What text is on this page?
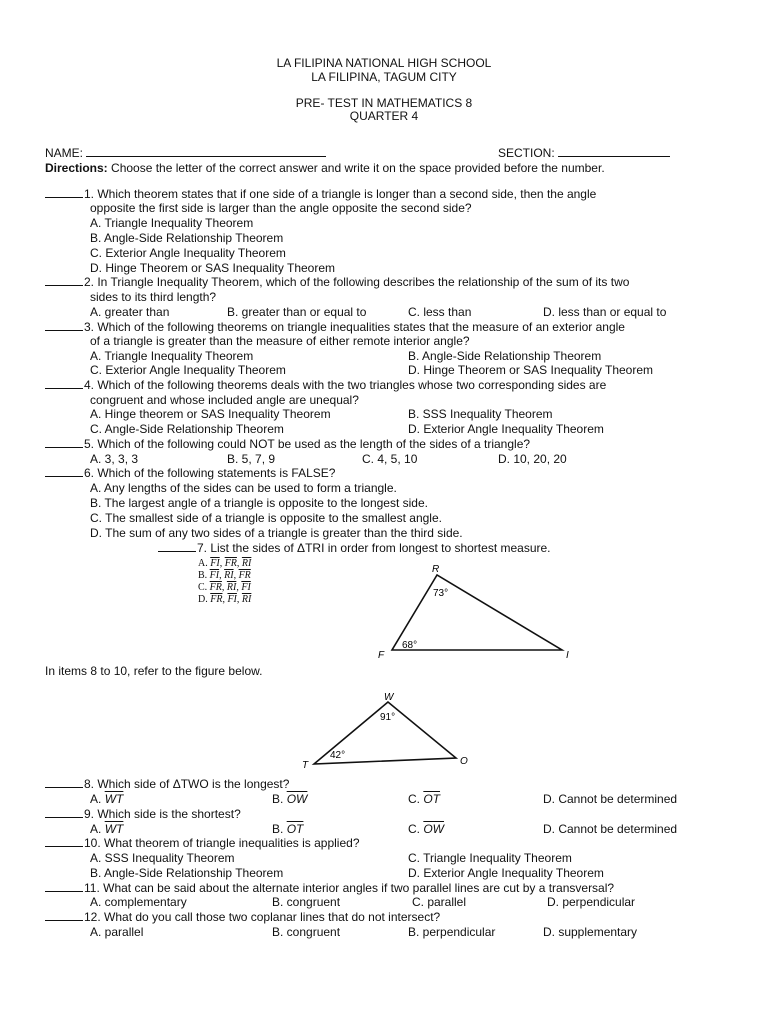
LA FILIPINA NATIONAL HIGH SCHOOL
LA FILIPINA, TAGUM CITY
PRE- TEST IN MATHEMATICS 8
QUARTER 4
NAME:	SECTION:
Directions: Choose the letter of the correct answer and write it on the space provided before the number.
1. Which theorem states that if one side of a triangle is longer than a second side, then the angle
opposite the first side is larger than the angle opposite the second side?
A. Triangle Inequality Theorem
B. Angle-Side Relationship Theorem
C. Exterior Angle Inequality Theorem
D. Hinge Theorem or SAS Inequality Theorem
2. In Triangle Inequality Theorem, which of the following describes the relationship of the sum of its two
sides to its third length?
A. greater than	B. greater than or equal to	C. less than	D. less than or equal to
3. Which of the following theorems on triangle inequalities states that the measure of an exterior angle
of a triangle is greater than the measure of either remote interior angle?
A. Triangle Inequality Theorem	B. Angle-Side Relationship Theorem
C. Exterior Angle Inequality Theorem	D. Hinge Theorem or SAS Inequality Theorem
4. Which of the following theorems deals with the two triangles whose two corresponding sides are
congruent and whose included angle are unequal?
A. Hinge theorem or SAS Inequality Theorem	B. SSS Inequality Theorem
C. Angle-Side Relationship Theorem	D. Exterior Angle Inequality Theorem
5. Which of the following could NOT be used as the length of the sides of a triangle?
A. 3, 3, 3	B. 5, 7, 9	C. 4, 5, 10	D. 10, 20, 20
6. Which of the following statements is FALSE?
A. Any lengths of the sides can be used to form a triangle.
B. The largest angle of a triangle is opposite to the longest side.
C. The smallest side of a triangle is opposite to the smallest angle.
D. The sum of any two sides of a triangle is greater than the third side.
7. List the sides of ΔTRI in order from longest to shortest measure.
A. $\overline{FI}$, $\overline{FR}$, $\overline{RI}$
B. $\overline{FI}$, $\overline{RI}$, $\overline{FR}$
C. $\overline{FR}$, $\overline{RI}$, $\overline{FI}$
D. $\overline{FR}$, $\overline{FI}$, $\overline{RI}$
R
F	I
73°
68°
In items 8 to 10, refer to the figure below.
W
T	O
91°
42°
8. Which side of ΔTWO is the longest?
A. $\overline{WT}$	B. $\overline{OW}$	C. $\overline{OT}$	D. Cannot be determined
9. Which side is the shortest?
A. $\overline{WT}$	B. $\overline{OT}$	C. $\overline{OW}$	D. Cannot be determined
10. What theorem of triangle inequalities is applied?
A. SSS Inequality Theorem
B. Angle-Side Relationship Theorem
C. Triangle Inequality Theorem
D. Exterior Angle Inequality Theorem
11. What can be said about the alternate interior angles if two parallel lines are cut by a transversal?
A. complementary	B. congruent	C. parallel	D. perpendicular
12. What do you call those two coplanar lines that do not intersect?
A. parallel	B. congruent	B. perpendicular	D. supplementary
